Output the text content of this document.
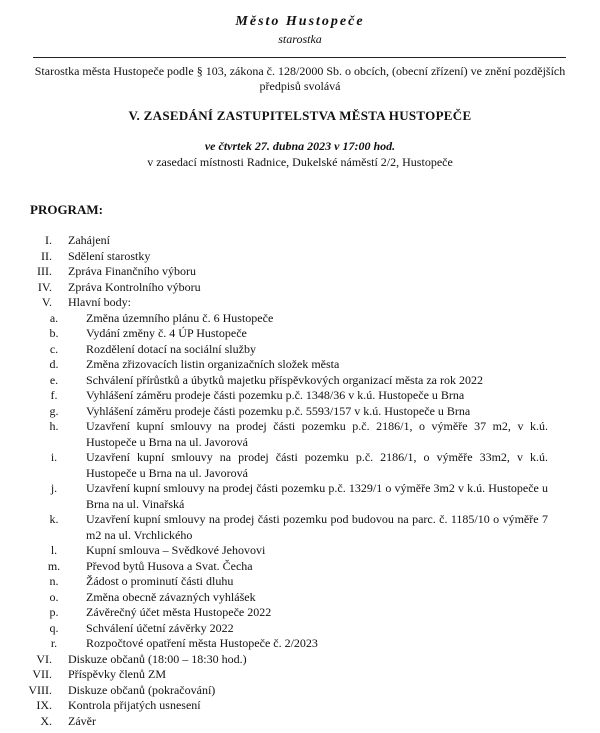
Město Hustopeče
starostka
Starostka města Hustopeče podle § 103, zákona č. 128/2000 Sb. o obcích, (obecní zřízení) ve znění pozdějších předpisů svolává
V. ZASEDÁNÍ ZASTUPITELSTVA MĚSTA HUSTOPEČE
ve čtvrtek 27. dubna 2023 v 17:00 hod.
v zasedací místnosti Radnice, Dukelské náměstí 2/2, Hustopeče
PROGRAM:
I. Zahájení
II. Sdělení starostky
III. Zpráva Finančního výboru
IV. Zpráva Kontrolního výboru
V. Hlavní body:
a.	Změna územního plánu č. 6 Hustopeče
b.	Vydání změny č. 4 ÚP Hustopeče
c.	Rozdělení dotací na sociální služby
d.	Změna zřizovacích listin organizačních složek města
e.	Schválení přírůstků a úbytků majetku příspěvkových organizací města za rok 2022
f.	Vyhlášení záměru prodeje části pozemku p.č. 1348/36 v k.ú. Hustopeče u Brna
g.	Vyhlášení záměru prodeje části pozemku p.č. 5593/157 v k.ú. Hustopeče u Brna
h.	Uzavření kupní smlouvy na prodej části pozemku p.č. 2186/1, o výměře 37 m2, v k.ú. Hustopeče u Brna na ul. Javorová
i.	Uzavření kupní smlouvy na prodej části pozemku p.č. 2186/1, o výměře 33m2, v k.ú. Hustopeče u Brna na ul. Javorová
j.	Uzavření kupní smlouvy na prodej části pozemku p.č. 1329/1 o výměře 3m2 v k.ú. Hustopeče u Brna na ul. Vinařská
k.	Uzavření kupní smlouvy na prodej části pozemku pod budovou na parc. č. 1185/10 o výměře 7 m2 na ul. Vrchlického
l.	Kupní smlouva – Svědkové Jehovovi
m.	Převod bytů Husova a Svat. Čecha
n.	Žádost o prominutí části dluhu
o.	Změna obecně závazných vyhlášek
p.	Závěrečný účet města Hustopeče 2022
q.	Schválení účetní závěrky 2022
r.	Rozpočtové opatření města Hustopeče č. 2/2023
VI. Diskuze občanů (18:00 – 18:30 hod.)
VII. Příspěvky členů ZM
VIII. Diskuze občanů (pokračování)
IX. Kontrola přijatých usnesení
X. Závěr
